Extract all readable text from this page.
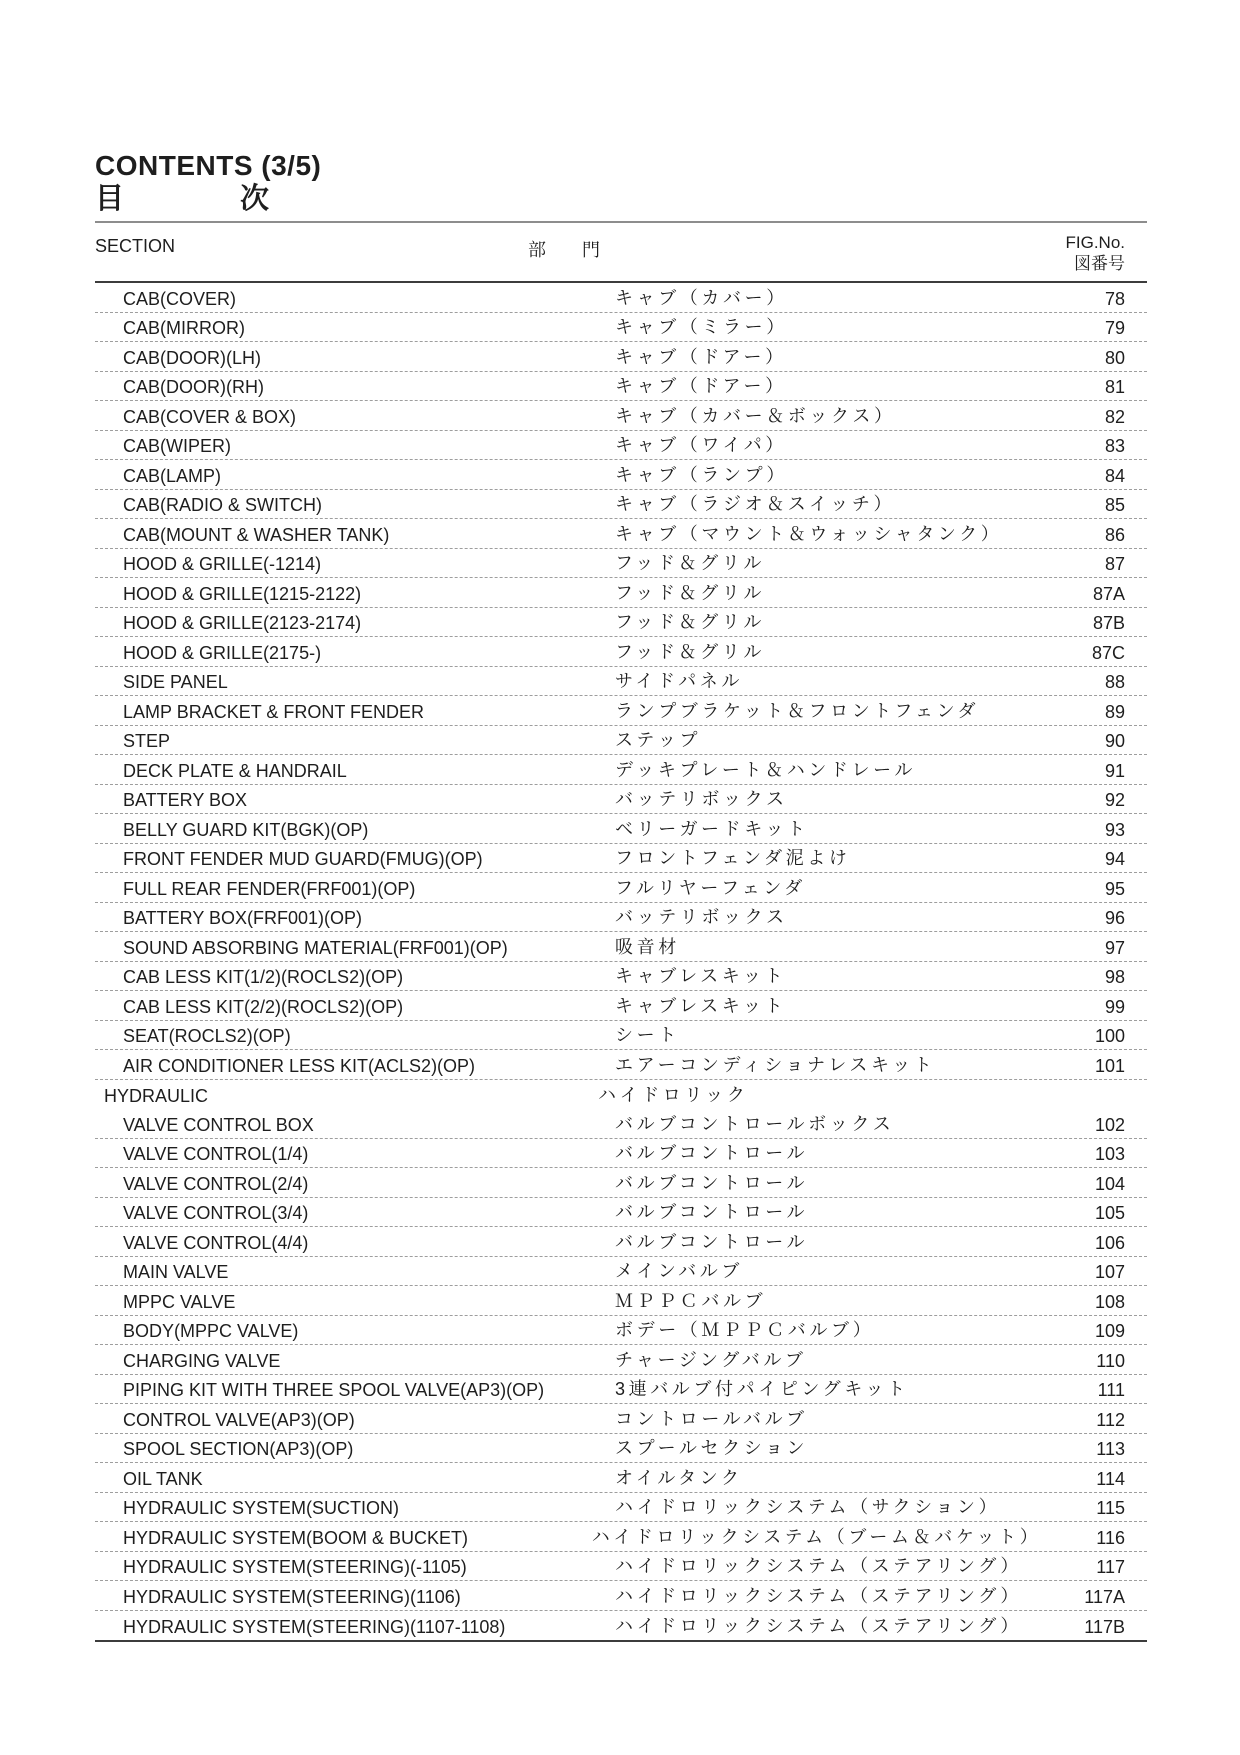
CONTENTS (3/5)
目　　　　次
SECTION	部　　門	FIG.No.
図番号
CAB(COVER)	キャブ（カバー）	78
CAB(MIRROR)	キャブ（ミラー）	79
CAB(DOOR)(LH)	キャブ（ドアー）	80
CAB(DOOR)(RH)	キャブ（ドアー）	81
CAB(COVER & BOX)	キャブ（カバー＆ボックス）	82
CAB(WIPER)	キャブ（ワイパ）	83
CAB(LAMP)	キャブ（ランプ）	84
CAB(RADIO & SWITCH)	キャブ（ラジオ＆スイッチ）	85
CAB(MOUNT & WASHER TANK)	キャブ（マウント＆ウォッシャタンク）	86
HOOD & GRILLE(-1214)	フッド＆グリル	87
HOOD & GRILLE(1215-2122)	フッド＆グリル	87A
HOOD & GRILLE(2123-2174)	フッド＆グリル	87B
HOOD & GRILLE(2175-)	フッド＆グリル	87C
SIDE PANEL	サイドパネル	88
LAMP BRACKET & FRONT FENDER	ランプブラケット＆フロントフェンダ	89
STEP	ステップ	90
DECK PLATE & HANDRAIL	デッキプレート＆ハンドレール	91
BATTERY BOX	バッテリボックス	92
BELLY GUARD KIT(BGK)(OP)	ベリーガードキット	93
FRONT FENDER MUD GUARD(FMUG)(OP)	フロントフェンダ泥よけ	94
FULL REAR FENDER(FRF001)(OP)	フルリヤーフェンダ	95
BATTERY BOX(FRF001)(OP)	バッテリボックス	96
SOUND ABSORBING MATERIAL(FRF001)(OP)	吸音材	97
CAB LESS KIT(1/2)(ROCLS2)(OP)	キャブレスキット	98
CAB LESS KIT(2/2)(ROCLS2)(OP)	キャブレスキット	99
SEAT(ROCLS2)(OP)	シート	100
AIR CONDITIONER LESS KIT(ACLS2)(OP)	エアーコンディショナレスキット	101
HYDRAULIC	ハイドロリック
VALVE CONTROL BOX	バルブコントロールボックス	102
VALVE CONTROL(1/4)	バルブコントロール	103
VALVE CONTROL(2/4)	バルブコントロール	104
VALVE CONTROL(3/4)	バルブコントロール	105
VALVE CONTROL(4/4)	バルブコントロール	106
MAIN VALVE	メインバルブ	107
MPPC VALVE	ＭＰＰＣバルブ	108
BODY(MPPC VALVE)	ボデー（ＭＰＰＣバルブ）	109
CHARGING VALVE	チャージングバルブ	110
PIPING KIT WITH THREE SPOOL VALVE(AP3)(OP)	3連バルブ付パイピングキット	111
CONTROL VALVE(AP3)(OP)	コントロールバルブ	112
SPOOL SECTION(AP3)(OP)	スプールセクション	113
OIL TANK	オイルタンク	114
HYDRAULIC SYSTEM(SUCTION)	ハイドロリックシステム（サクション）	115
HYDRAULIC SYSTEM(BOOM & BUCKET)	ハイドロリックシステム（ブーム＆バケット）	116
HYDRAULIC SYSTEM(STEERING)(-1105)	ハイドロリックシステム（ステアリング）	117
HYDRAULIC SYSTEM(STEERING)(1106)	ハイドロリックシステム（ステアリング）	117A
HYDRAULIC SYSTEM(STEERING)(1107-1108)	ハイドロリックシステム（ステアリング）	117B
